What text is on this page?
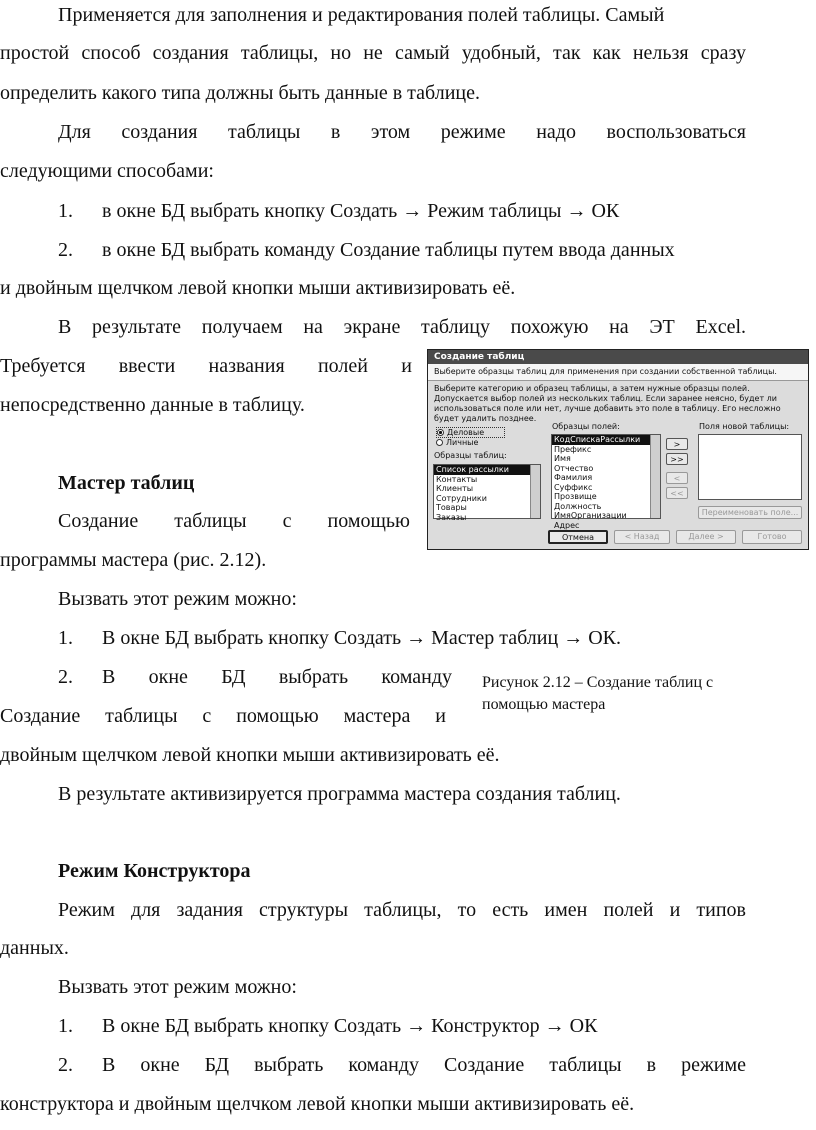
Применяется для заполнения и редактирования полей таблицы. Самый
простой способ создания таблицы, но не самый удобный, так как нельзя сразу
определить какого типа должны быть данные в таблице.
Для создания таблицы в этом режиме надо воспользоваться
следующими способами:
1. в окне БД выбрать кнопку Создать → Режим таблицы → ОК
2. в окне БД выбрать команду Создание таблицы путем ввода данных
и двойным щелчком левой кнопки мыши активизировать её.
В результате получаем на экране таблицу похожую на ЭТ Excel.
Требуется ввести названия полей и
непосредственно данные в таблицу.
Мастер таблиц
Создание таблицы с помощью
программы мастера (рис. 2.12).
Вызвать этот режим можно:
1. В окне БД выбрать кнопку Создать → Мастер таблиц → ОК.
2. В окне БД выбрать команду
Создание таблицы с помощью мастера и
двойным щелчком левой кнопки мыши активизировать её.
В результате активизируется программа мастера создания таблиц.
Режим Конструктора
Режим для задания структуры таблицы, то есть имен полей и типов
данных.
Вызвать этот режим можно:
1. В окне БД выбрать кнопку Создать → Конструктор → ОК
2. В окне БД выбрать команду Создание таблицы в режиме
конструктора и двойным щелчком левой кнопки мыши активизировать её.
Создание таблиц
Выберите образцы таблиц для применения при создании собственной таблицы.
Выберите категорию и образец таблицы, а затем нужные образцы полей. Допускается выбор полей из нескольких таблиц. Если заранее неясно, будет ли использоваться поле или нет, лучше добавить это поле в таблицу. Его несложно будет удалить позднее.
Деловые
Личные
Образцы таблиц:
Список рассылки
Контакты
Клиенты
Сотрудники
Товары
Заказы
Образцы полей:
КодСпискаРассылки
Префикс
Имя
Отчество
Фамилия
Суффикс
Прозвище
Должность
ИмяОрганизации
Адрес
>
>>
<
<<
Поля новой таблицы:
Переименовать поле...
Отмена	< Назад	Далее >	Готово
Рисунок 2.12 – Создание таблиц с помощью мастера
